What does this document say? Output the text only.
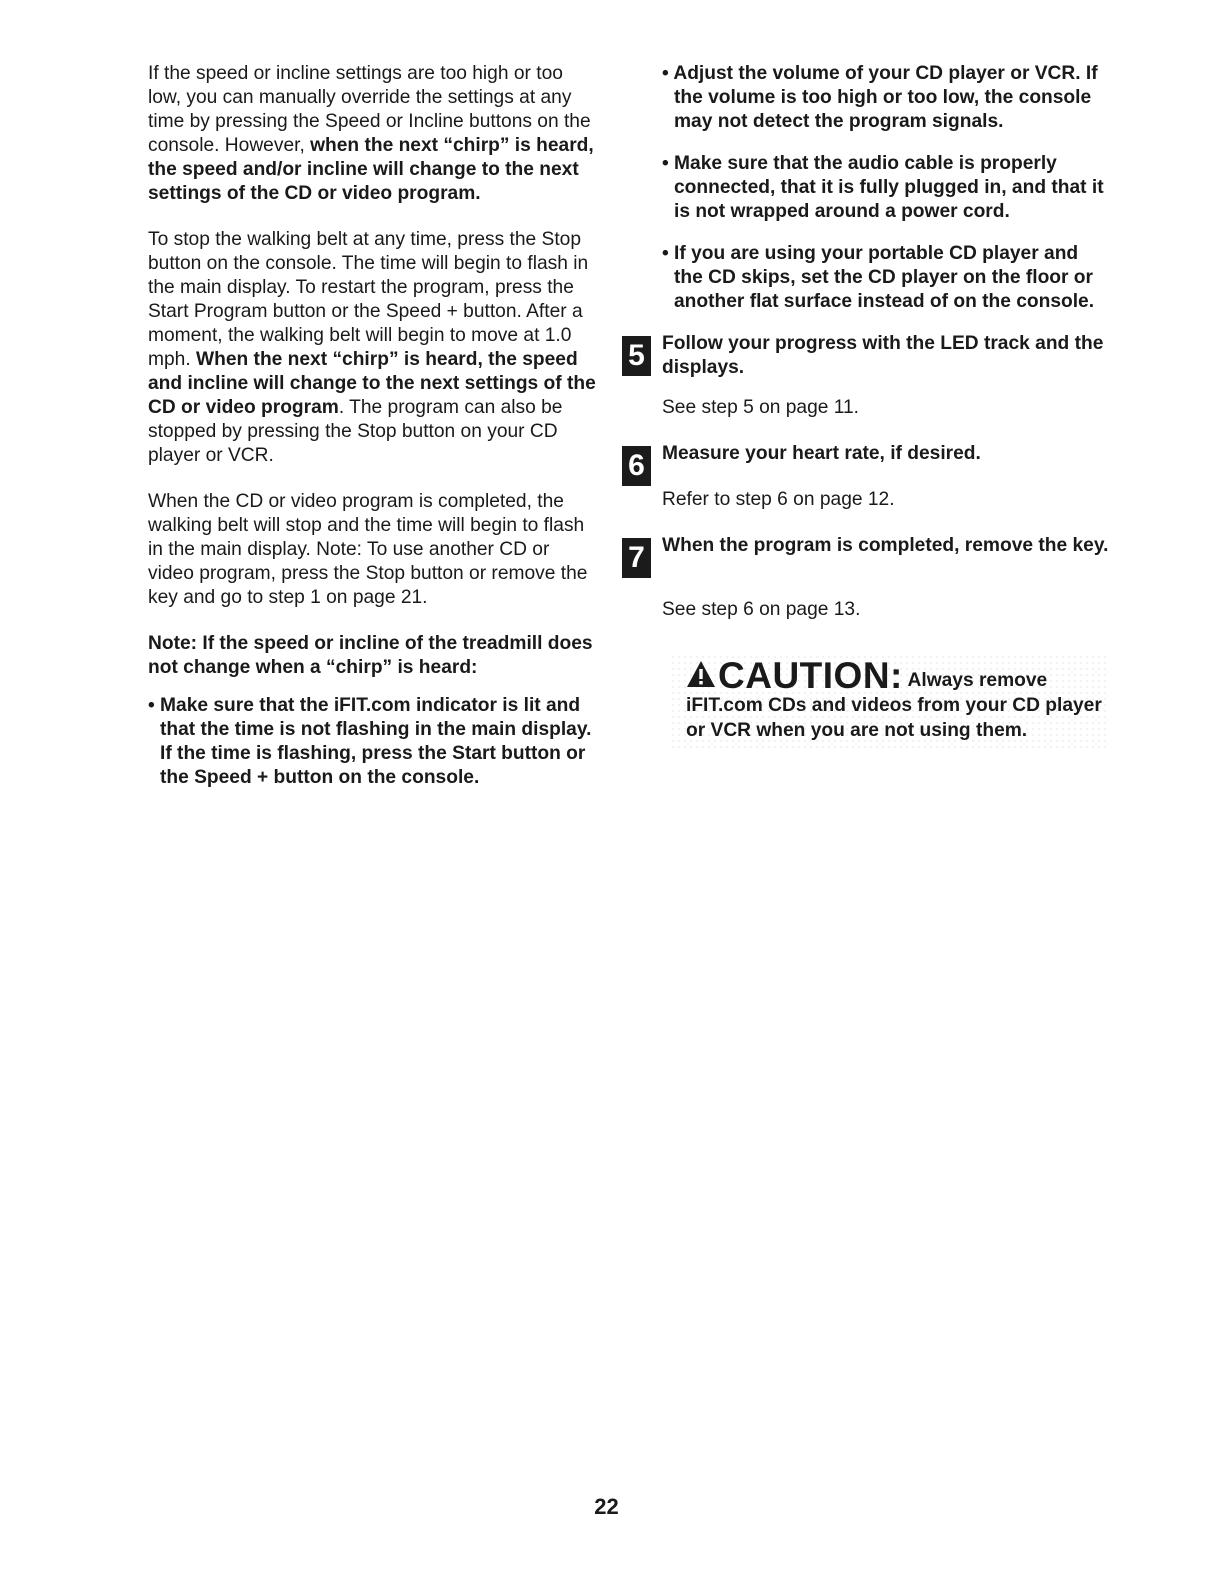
If the speed or incline settings are too high or too low, you can manually override the settings at any time by pressing the Speed or Incline buttons on the console. However, when the next “chirp” is heard, the speed and/or incline will change to the next settings of the CD or video program.

To stop the walking belt at any time, press the Stop button on the console. The time will begin to flash in the main display. To restart the program, press the Start Program button or the Speed + button. After a moment, the walking belt will begin to move at 1.0 mph. When the next “chirp” is heard, the speed and incline will change to the next settings of the CD or video program. The program can also be stopped by pressing the Stop button on your CD player or VCR.

When the CD or video program is completed, the walking belt will stop and the time will begin to flash in the main display. Note: To use another CD or video program, press the Stop button or remove the key and go to step 1 on page 21.

Note: If the speed or incline of the treadmill does not change when a “chirp” is heard:

• Make sure that the iFIT.com indicator is lit and that the time is not flashing in the main display. If the time is flashing, press the Start button or the Speed + button on the console.

• Adjust the volume of your CD player or VCR. If the volume is too high or too low, the console may not detect the program signals.

• Make sure that the audio cable is properly connected, that it is fully plugged in, and that it is not wrapped around a power cord.

• If you are using your portable CD player and the CD skips, set the CD player on the floor or another flat surface instead of on the console.

5 Follow your progress with the LED track and the displays.

See step 5 on page 11.

6 Measure your heart rate, if desired.

Refer to step 6 on page 12.

7 When the program is completed, remove the key.

See step 6 on page 13.

CAUTION: Always remove iFIT.com CDs and videos from your CD player or VCR when you are not using them.
22
